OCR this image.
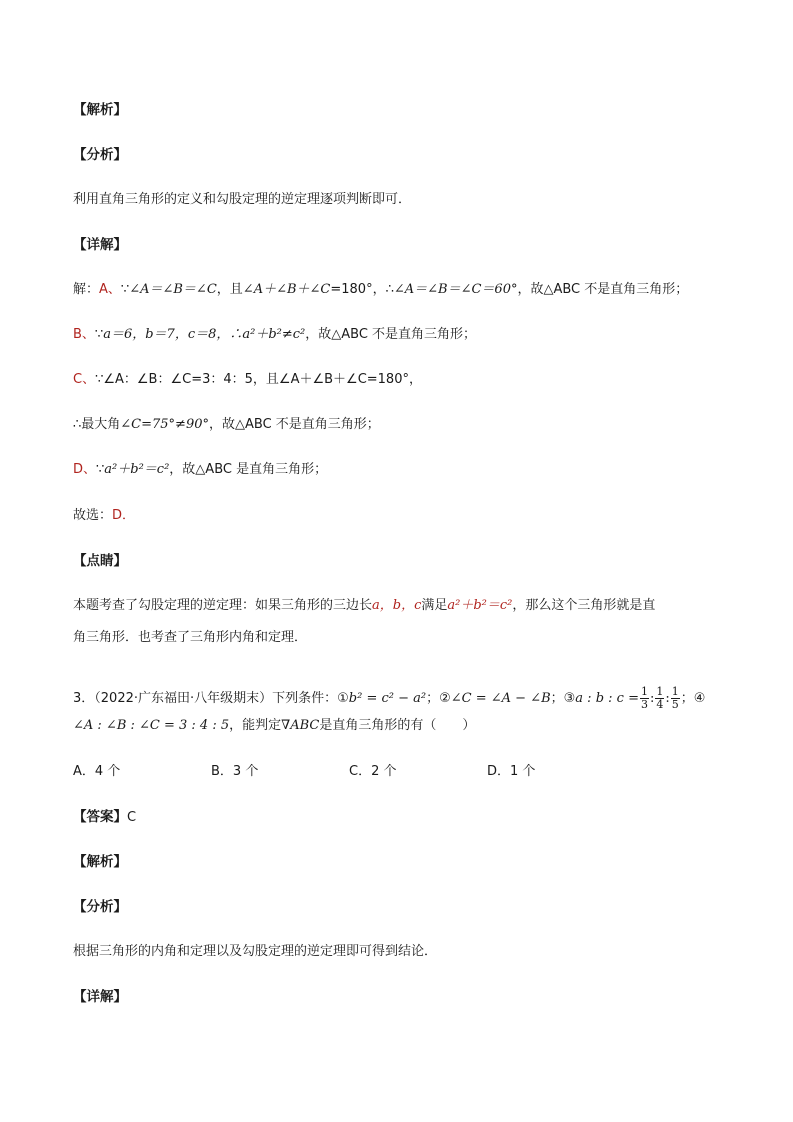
【解析】
【分析】
利用直角三角形的定义和勾股定理的逆定理逐项判断即可．
【详解】
解：A、∵∠A＝∠B＝∠C，且∠A＋∠B＋∠C=180°，∴∠A＝∠B＝∠C＝60°，故△ABC 不是直角三角形；
B、∵a＝6，b＝7，c＝8，∴a²＋b²≠c²，故△ABC 不是直角三角形；
C、∵∠A：∠B：∠C=3：4：5，且∠A＋∠B＋∠C=180°，
∴最大角∠C=75°≠90°，故△ABC 不是直角三角形；
D、∵a²＋b²＝c²，故△ABC 是直角三角形；
故选：D．
【点睛】
本题考查了勾股定理的逆定理：如果三角形的三边长a，b，c满足a²＋b²＝c²，那么这个三角形就是直
角三角形．也考查了三角形内角和定理．
3．（2022·广东福田·八年级期末）下列条件：①b² = c² − a²；②∠C = ∠A − ∠B；③a : b : $c = \frac{1}{3}$ : $\frac{1}{4}$ : $\frac{1}{5}$ ；④
∠A : ∠B : ∠C = 3 : 4 : 5，能判定∇ABC是直角三角形的有（　　）
A．4 个	B．3 个	C．2 个	D．1 个
【答案】C
【解析】
【分析】
根据三角形的内角和定理以及勾股定理的逆定理即可得到结论．
【详解】
